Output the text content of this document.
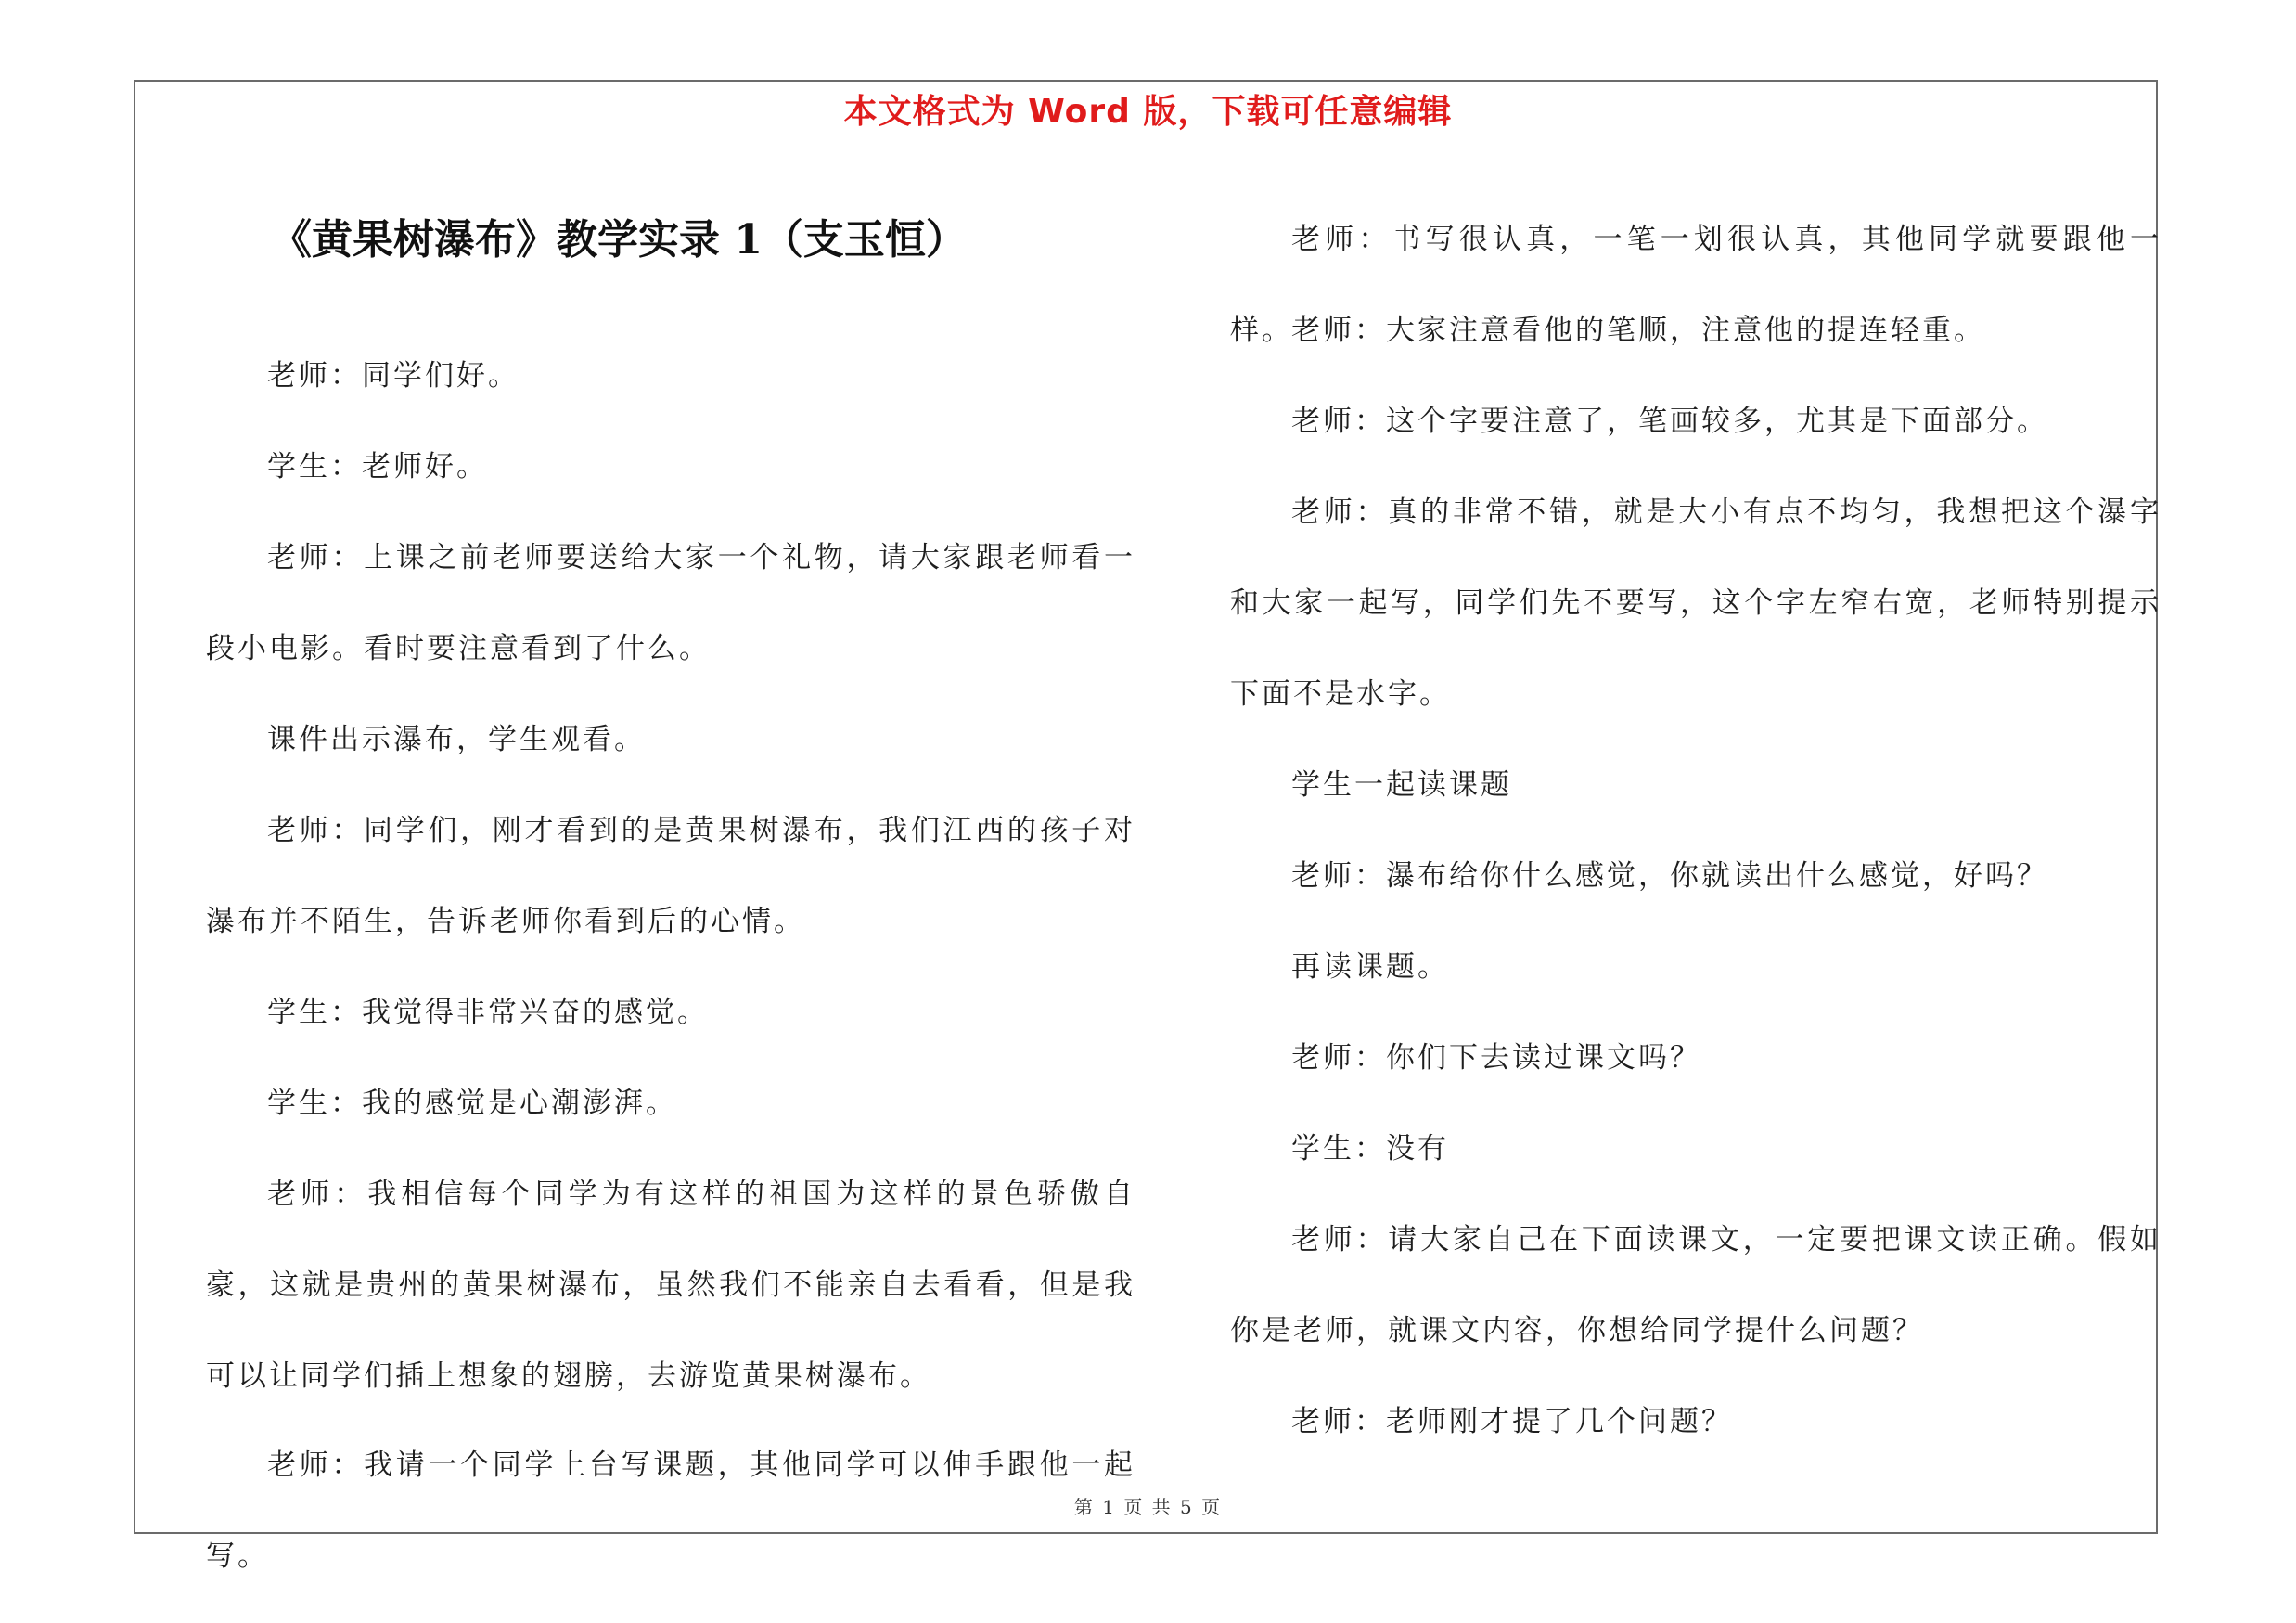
本文格式为 Word 版，下载可任意编辑
《黄果树瀑布》教学实录 1（支玉恒）

老师：同学们好。

学生：老师好。

老师：上课之前老师要送给大家一个礼物，请大家跟老师看一段小电影。看时要注意看到了什么。

课件出示瀑布，学生观看。

老师：同学们，刚才看到的是黄果树瀑布，我们江西的孩子对瀑布并不陌生，告诉老师你看到后的心情。

学生：我觉得非常兴奋的感觉。

学生：我的感觉是心潮澎湃。

老师：我相信每个同学为有这样的祖国为这样的景色骄傲自豪，这就是贵州的黄果树瀑布，虽然我们不能亲自去看看，但是我可以让同学们插上想象的翅膀，去游览黄果树瀑布。

老师：我请一个同学上台写课题，其他同学可以伸手跟他一起写。

老师：书写很认真，一笔一划很认真，其他同学就要跟他一样。

老师：大家注意看他的笔顺，注意他的提连轻重。

老师：这个字要注意了，笔画较多，尤其是下面部分。

老师：真的非常不错，就是大小有点不均匀，我想把这个瀑字和大家一起写，同学们先不要写，这个字左窄右宽，老师特别提示下面不是水字。

学生一起读课题

老师：瀑布给你什么感觉，你就读出什么感觉，好吗？

再读课题。

老师：你们下去读过课文吗？

学生：没有

老师：请大家自己在下面读课文，一定要把课文读正确。假如你是老师，就课文内容，你想给同学提什么问题？

老师：老师刚才提了几个问题？

第 1 页 共 5 页
